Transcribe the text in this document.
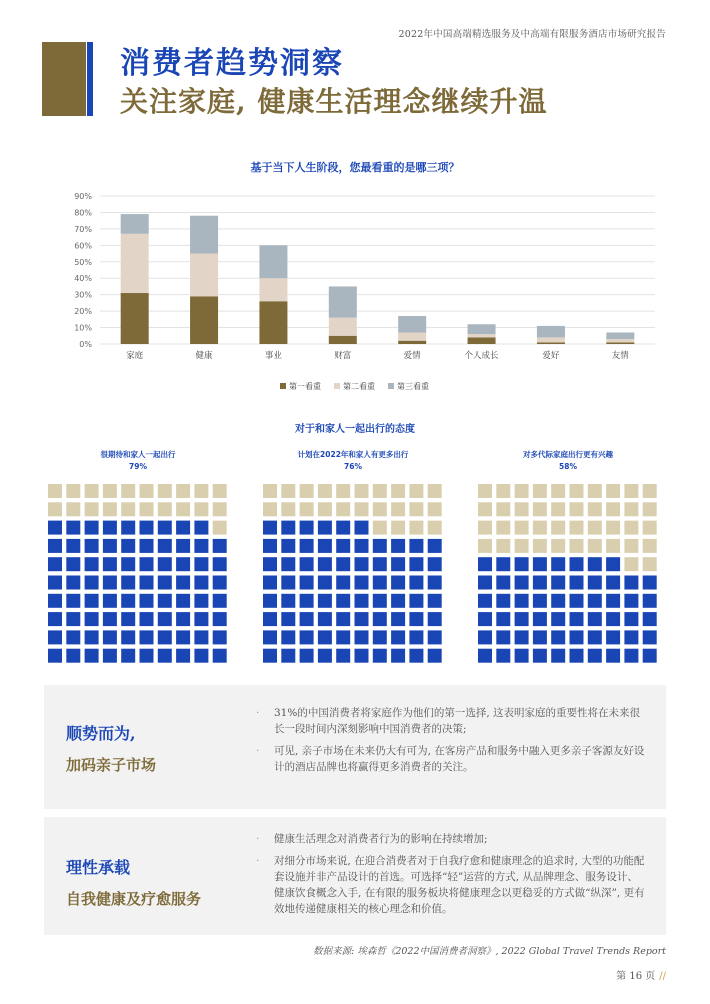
2022年中国高端精选服务及中高端有限服务酒店市场研究报告
消费者趋势洞察
关注家庭, 健康生活理念继续升温
基于当下人生阶段，您最看重的是哪三项？
0%
10%
20%
30%
40%
50%
60%
70%
80%
90%
家庭	健康	事业	财富	爱情	个人成长	爱好	友情
第一看重	第二看重	第三看重
对于和家人一起出行的态度
很期待和家人一起出行
79%
计划在2022年和家人有更多出行
76%
对多代际家庭出行更有兴趣
58%
顺势而为,
加码亲子市场
· 31%的中国消费者将家庭作为他们的第一选择, 这表明家庭的重要性将在未来很长一段时间内深刻影响中国消费者的决策;
· 可见, 亲子市场在未来仍大有可为, 在客房产品和服务中融入更多亲子客源友好设计的酒店品牌也将赢得更多消费者的关注。
理性承载
自我健康及疗愈服务
· 健康生活理念对消费者行为的影响在持续增加;
· 对细分市场来说, 在迎合消费者对于自我疗愈和健康理念的追求时, 大型的功能配套设施并非产品设计的首选。可选择“轻”运营的方式, 从品牌理念、服务设计、健康饮食概念入手, 在有限的服务板块将健康理念以更稳妥的方式做“纵深”, 更有效地传递健康相关的核心理念和价值。
数据来源: 埃森哲《2022中国消费者洞察》, 2022 Global Travel Trends Report
第 16 页 //
